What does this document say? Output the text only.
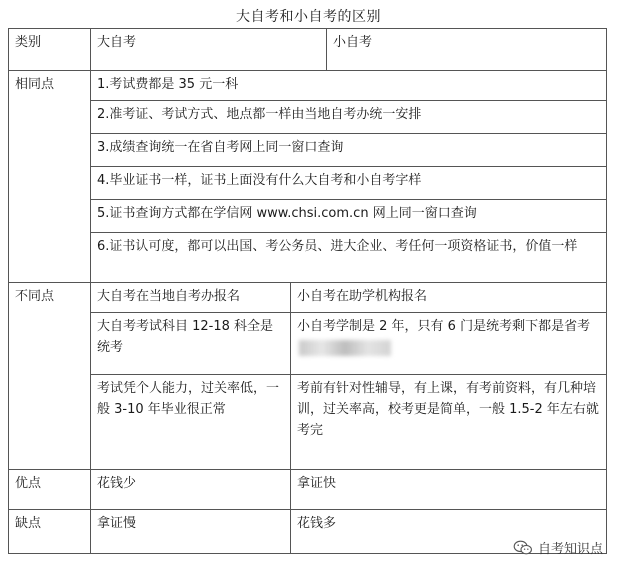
大自考和小自考的区别
类别	大自考		小自考
相同点	1.考试费都是 35 元一科		
	2.准考证、考试方式、地点都一样由当地自考办统一安排		
	3.成绩查询统一在省自考网上同一窗口查询		
	4.毕业证书一样，证书上面没有什么大自考和小自考字样		
	5.证书查询方式都在学信网 www.chsi.com.cn 网上同一窗口查询		
	6.证书认可度，都可以出国、考公务员、进大企业、考任何一项资格证书，价值一样		
不同点	大自考在当地自考办报名	小自考在助学机构报名	
	大自考考试科目 12-18 科全是统考	小自考学制是 2 年，只有 6 门是统考剩下都是省考	
	考试凭个人能力，过关率低，一般 3-10 年毕业很正常	考前有针对性辅导，有上课，有考前资料，有几种培训，过关率高，校考更是简单，一般 1.5-2 年左右就考完	
优点	花钱少	拿证快	
缺点	拿证慢	花钱多	
自考知识点
